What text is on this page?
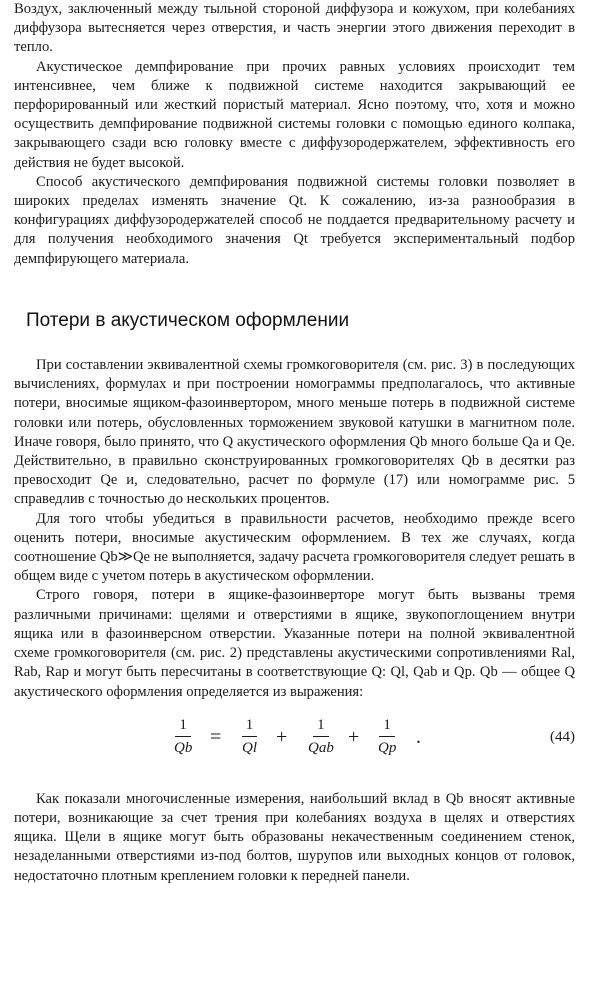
Воздух, заключенный между тыльной стороной диффузора и кожухом, при колебаниях диффузора вытесняется через отверстия, и часть энергии этого движения переходит в тепло.

Акустическое демпфирование при прочих равных условиях происходит тем интенсивнее, чем ближе к подвижной системе находится закрывающий ее перфорированный или жесткий пористый материал. Ясно поэтому, что, хотя и можно осуществить демпфирование подвижной системы головки с помощью единого колпака, закрывающего сзади всю головку вместе с диффузородержателем, эффективность его действия не будет высокой.

Способ акустического демпфирования подвижной системы головки позволяет в широких пределах изменять значение Qt. К сожалению, из-за разнообразия в конфигурациях диффузородержателей способ не поддается предварительному расчету и для получения необходимого значения Qt требуется экспериментальный подбор демпфирующего материала.

Потери в акустическом оформлении

При составлении эквивалентной схемы громкоговорителя (см. рис. 3) в последующих вычислениях, формулах и при построении номограммы предполагалось, что активные потери, вносимые ящиком-фазоинвертором, много меньше потерь в подвижной системе головки или потерь, обусловленных торможением звуковой катушки в магнитном поле. Иначе говоря, было принято, что Q акустического оформления Qb много больше Qa и Qe. Действительно, в правильно сконструированных громкоговорителях Qb в десятки раз превосходит Qe и, следовательно, расчет по формуле (17) или номограмме рис. 5 справедлив с точностью до нескольких процентов.

Для того чтобы убедиться в правильности расчетов, необходимо прежде всего оценить потери, вносимые акустическим оформлением. В тех же случаях, когда соотношение Qb≫Qe не выполняется, задачу расчета громкоговорителя следует решать в общем виде с учетом потерь в акустическом оформлении.

Строго говоря, потери в ящике-фазоинверторе могут быть вызваны тремя различными причинами: щелями и отверстиями в ящике, звукопоглощением внутри ящика или в фазоинверсном отверстии. Указанные потери на полной эквивалентной схеме громкоговорителя (см. рис. 2) представлены акустическими сопротивлениями Ral, Rab, Rap и могут быть пересчитаны в соответствующие Q: Ql, Qab и Qp. Qb — общее Q акустического оформления определяется из выражения:

$\frac{1}{Qb} = \frac{1}{Ql}$ +
1
Qab + $\frac{1}{Qp}$ .	(44)

Как показали многочисленные измерения, наибольший вклад в Qb вносят активные потери, возникающие за счет трения при колебаниях воздуха в щелях и отверстиях ящика. Щели в ящике могут быть образованы некачественным соединением стенок, незаделанными отверстиями из-под болтов, шурупов или выходных концов от головок, недостаточно плотным креплением головки к передней панели.
